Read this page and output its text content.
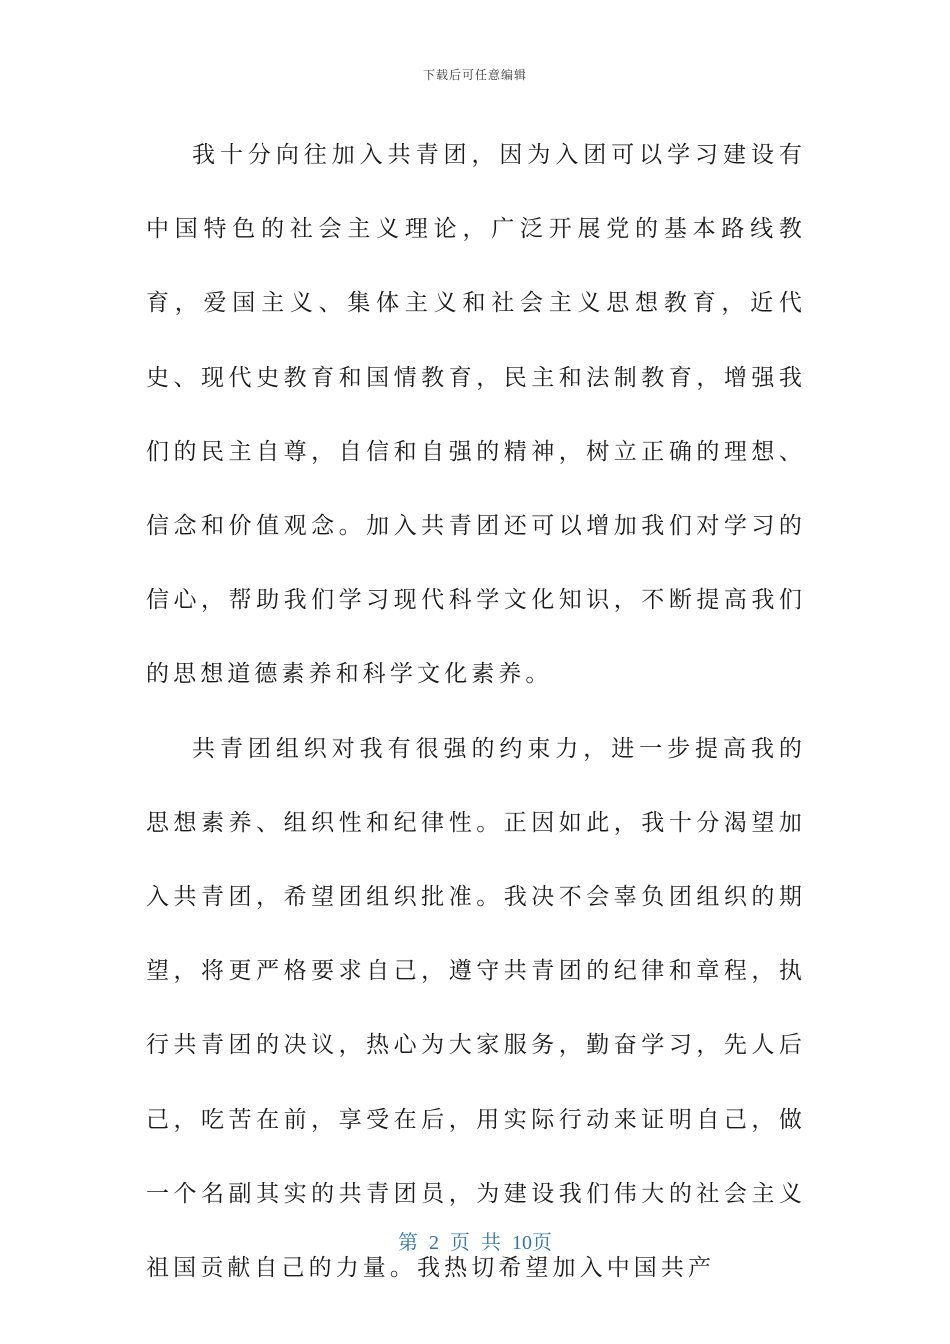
下载后可任意编辑

我十分向往加入共青团，因为入团可以学习建设有中国特色的社会主义理论，广泛开展党的基本路线教育，爱国主义、集体主义和社会主义思想教育，近代史、现代史教育和国情教育，民主和法制教育，增强我们的民主自尊，自信和自强的精神，树立正确的理想、信念和价值观念。加入共青团还可以增加我们对学习的信心，帮助我们学习现代科学文化知识，不断提高我们的思想道德素养和科学文化素养。

共青团组织对我有很强的约束力，进一步提高我的思想素养、组织性和纪律性。正因如此，我十分渴望加入共青团，希望团组织批准。我决不会辜负团组织的期望，将更严格要求自己，遵守共青团的纪律和章程，执行共青团的决议，热心为大家服务，勤奋学习，先人后己，吃苦在前，享受在后，用实际行动来证明自己，做一个名副其实的共青团员，为建设我们伟大的社会主义祖国贡献自己的力量。我热切希望加入中国共产

第 2 页 共 10页
